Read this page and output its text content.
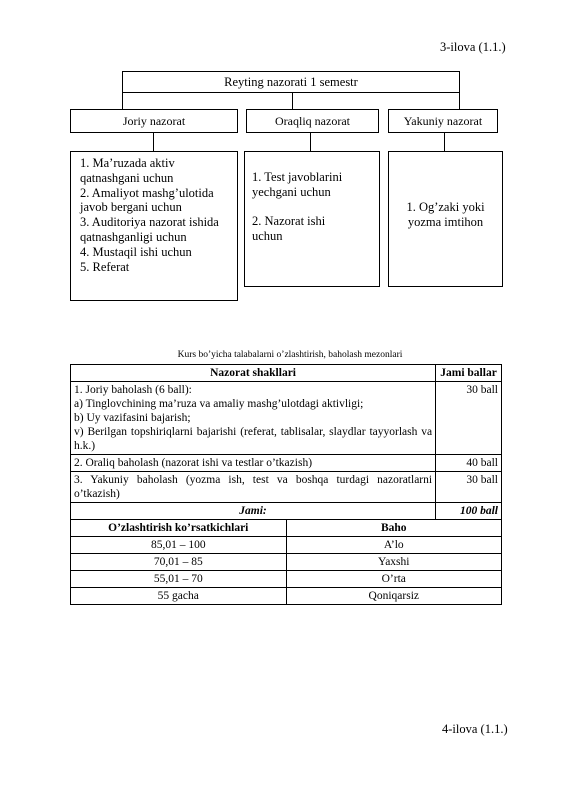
3-ilova (1.1.)
Reyting nazorati 1 semestr
Joriy nazorat	Oraqliq nazorat	Yakuniy nazorat
1. Ma’ruzada aktiv
qatnashgani uchun
2. Amaliyot mashg’ulotida
javob bergani uchun
3. Auditoriya nazorat ishida
qatnashganligi uchun
4. Mustaqil ishi uchun
5. Referat
1. Test javoblarini
yechgani uchun
2. Nazorat ishi
uchun
1. Og’zaki yoki
yozma imtihon
Kurs bo’yicha talabalarni o’zlashtirish, baholash mezonlari
Nazorat shakllari		Jami ballar

1. Joriy baholash (6 ball):
a) Tinglovchining ma’ruza va amaliy mashg’ulotdagi aktivligi;
b) Uy vazifasini bajarish;
v) Berilgan topshiriqlarni bajarishi (referat, tablisalar, slaydlar tayyorlash va h.k.)		30 ball

2. Oraliq baholash (nazorat ishi va testlar o’tkazish)		40 ball

3. Yakuniy baholash (yozma ish, test va boshqa turdagi nazoratlarni o’tkazish)		30 ball
Jami:		100 ball
O’zlashtirish ko’rsatkichlari	Baho	
85,01 – 100	A’lo	
70,01 – 85	Yaxshi	
55,01 – 70	O’rta	
55 gacha	Qoniqarsiz	
4-ilova (1.1.)
